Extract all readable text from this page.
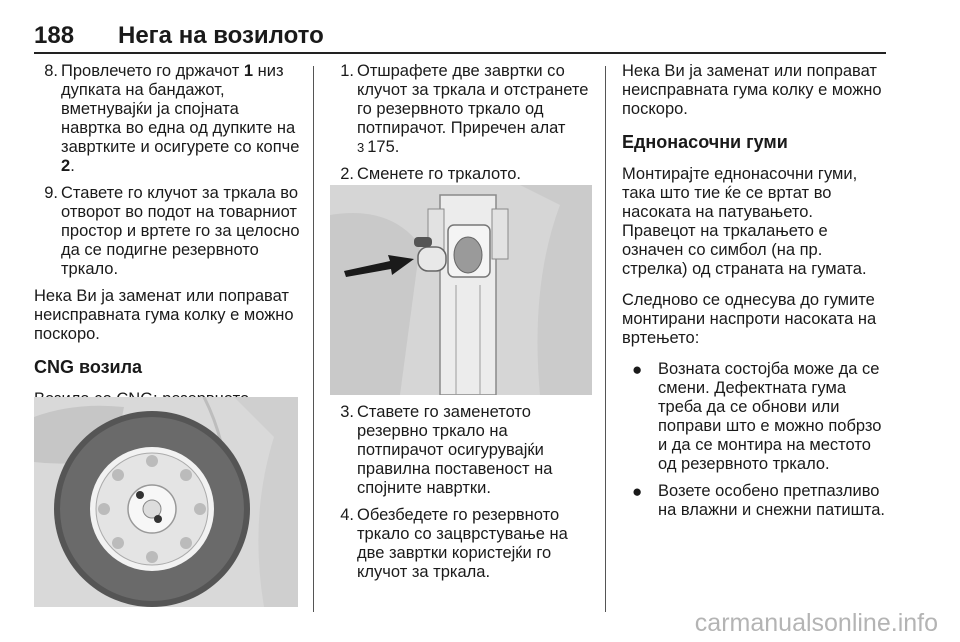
188 Нега на возилото
8. Провлечето го држачот 1 низ дупката на бандажот, вметнувајќи ја спојната навртка во една од дупките на завртките и осигурете со копче 2.
9. Ставете го клучот за тркала во отворот во подот на товарниот простор и вртете го за целосно да се подигне резервното тркало.

Нека Ви ја заменат или поправат неисправната гума колку е можно поскоро.

CNG возила

1. Отшрафете две завртки со клучот за тркала и отстранете го резервното тркало од потпирачот. Приречен алат
3 175.
2. Сменете го тркалото.
3. Ставете го заменетото резервно тркало на потпирачот осигурувајќи правилна поставеност на спојните навртки.
4. Обезбедете го резервното тркало со зацврстување на две завртки користејќи го клучот за тркала.

Нека Ви ја заменат или поправат неисправната гума колку е можно поскоро.

Еднонасочни гуми

Монтирајте еднонасочни гуми, така што тие ќе се вртат во насоката на патувањето. Правецот на тркалањето е означен со симбол (на пр. стрелка) од страната на гумата.

Следново се однесува до гумите монтирани наспроти насоката на вртењето:

● Возната состојба може да се смени. Дефектната гума треба да се обнови или поправи што е можно побрзо и да се монтира на местото од резервното тркало.
● Возете особено претпазливо на влажни и снежни патишта.
carmanualsonline.info
